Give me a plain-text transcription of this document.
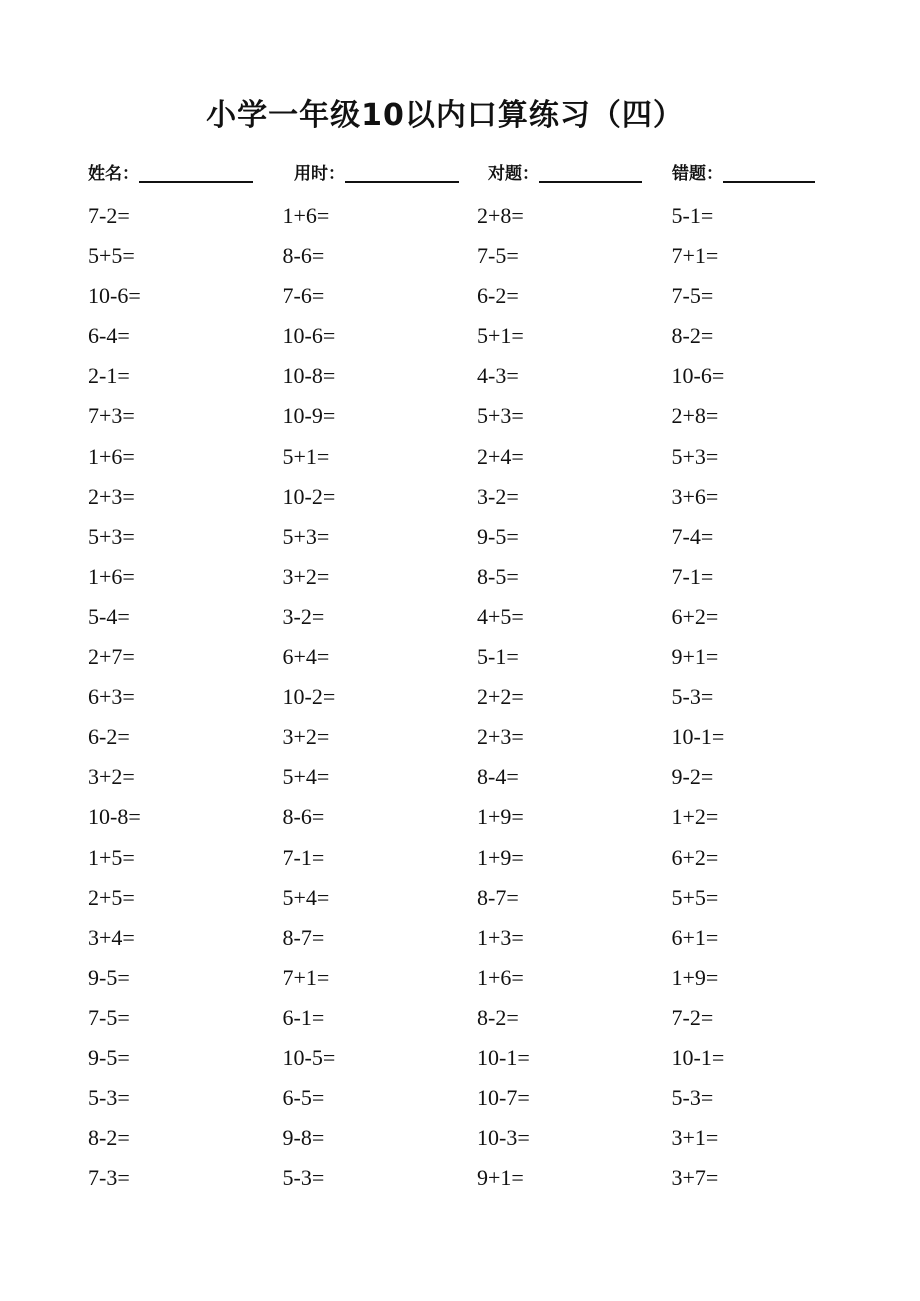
小学一年级10以内口算练习（四）
姓名：	用时：	对题：	错题：
7-2=	1+6=	2+8=	5-1=
5+5=	8-6=	7-5=	7+1=
10-6=	7-6=	6-2=	7-5=
6-4=	10-6=	5+1=	8-2=
2-1=	10-8=	4-3=	10-6=
7+3=	10-9=	5+3=	2+8=
1+6=	5+1=	2+4=	5+3=
2+3=	10-2=	3-2=	3+6=
5+3=	5+3=	9-5=	7-4=
1+6=	3+2=	8-5=	7-1=
5-4=	3-2=	4+5=	6+2=
2+7=	6+4=	5-1=	9+1=
6+3=	10-2=	2+2=	5-3=
6-2=	3+2=	2+3=	10-1=
3+2=	5+4=	8-4=	9-2=
10-8=	8-6=	1+9=	1+2=
1+5=	7-1=	1+9=	6+2=
2+5=	5+4=	8-7=	5+5=
3+4=	8-7=	1+3=	6+1=
9-5=	7+1=	1+6=	1+9=
7-5=	6-1=	8-2=	7-2=
9-5=	10-5=	10-1=	10-1=
5-3=	6-5=	10-7=	5-3=
8-2=	9-8=	10-3=	3+1=
7-3=	5-3=	9+1=	3+7=
